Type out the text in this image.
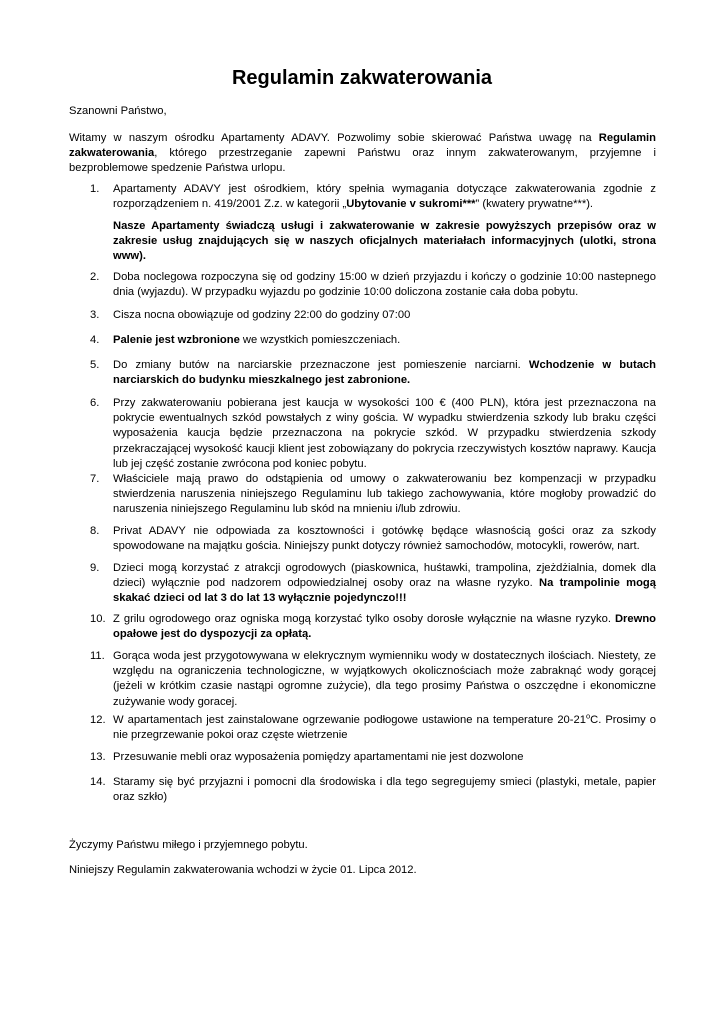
Regulamin zakwaterowania
Szanowni Państwo,
Witamy w naszym ośrodku Apartamenty ADAVY. Pozwolimy sobie skierować Państwa uwagę na Regulamin zakwaterowania, którego przestrzeganie zapewni Państwu oraz innym zakwaterowanym, przyjemne i bezproblemowe spedzenie Państwa urlopu.
1.	Apartamenty ADAVY jest ośrodkiem, który spełnia wymagania dotyczące zakwaterowania zgodnie z rozporządzeniem n. 419/2001 Z.z. w kategorii „Ubytovanie v sukromi***” (kwatery prywatne***).
Nasze Apartamenty świadczą usługi i zakwaterowanie w zakresie powyższych przepisów oraz w zakresie usług znajdujących się w naszych oficjalnych materiałach informacyjnych (ulotki, strona www).
2.	Doba noclegowa rozpoczyna się od godziny 15:00 w dzień przyjazdu i kończy o godzinie 10:00 nastepnego dnia (wyjazdu). W przypadku wyjazdu po godzinie 10:00 doliczona zostanie cała doba pobytu.
3.	Cisza nocna obowiązuje od godziny 22:00 do godziny 07:00
4.	Palenie jest wzbronione we wzystkich pomieszczeniach.
5.	Do zmiany butów na narciarskie przeznaczone jest pomieszenie narciarni. Wchodzenie w butach narciarskich do budynku mieszkalnego jest zabronione.
6.	Przy zakwaterowaniu pobierana jest kaucja w wysokości 100 € (400 PLN), która jest przeznaczona na pokrycie ewentualnych szkód powstałych z winy gościa. W wypadku stwierdzenia szkody lub braku części wyposażenia kaucja będzie przeznaczona na pokrycie szkód. W przypadku stwierdzenia szkody przekraczającej wysokość kaucji klient jest zobowiązany do pokrycia rzeczywistych kosztów naprawy. Kaucja lub jej część zostanie zwrócona pod koniec pobytu.
7.	Właściciele mają prawo do odstąpienia od umowy o zakwaterowaniu bez kompenzacji w przypadku stwierdzenia naruszenia niniejszego Regulaminu lub takiego zachowywania, które mogłoby prowadzić do naruszenia niniejszego Regulaminu lub skód na mnieniu i/lub zdrowiu.
8.	Privat ADAVY nie odpowiada za kosztowności i gotówkę będące własnością gości oraz za szkody spowodowane na majątku gościa. Niniejszy punkt dotyczy również samochodów, motocykli, rowerów, nart.
9.	Dzieci mogą korzystać z atrakcji ogrodowych (piaskownica, huśtawki, trampolina, zjeżdżialnia, domek dla dzieci) wyłącznie pod nadzorem odpowiedzialnej osoby oraz na własne ryzyko. Na trampolinie mogą skakać dzieci od lat 3 do lat 13 wyłącznie pojedynczo!!!
10. Z grilu ogrodowego oraz ogniska mogą korzystać tylko osoby dorosłe wyłącznie na własne ryzyko. Drewno opałowe jest do dyspozycji za opłatą.
11. Gorąca woda jest przygotowywana w elekrycznym wymienniku wody w dostatecznych ilościach. Niestety, ze względu na ograniczenia technologiczne, w wyjątkowych okolicznościach może zabraknąć wody gorącej (jeżeli w krótkim czasie nastąpi ogromne zużycie), dla tego prosimy Państwa o oszczędne i ekonomiczne zużywanie wody goracej.
12. W apartamentach jest zainstalowane ogrzewanie podłogowe ustawione na temperature 20-21$^o$C. Prosimy o nie przegrzewanie pokoi oraz częste wietrzenie
13. Przesuwanie mebli oraz wyposażenia pomiędzy apartamentami nie jest dozwolone
14. Staramy się być przyjazni i pomocni dla środowiska i dla tego segregujemy smieci (plastyki, metale, papier oraz szkło)
Życzymy Państwu miłego i przyjemnego pobytu.
Niniejszy Regulamin zakwaterowania wchodzi w życie 01. Lipca 2012.
